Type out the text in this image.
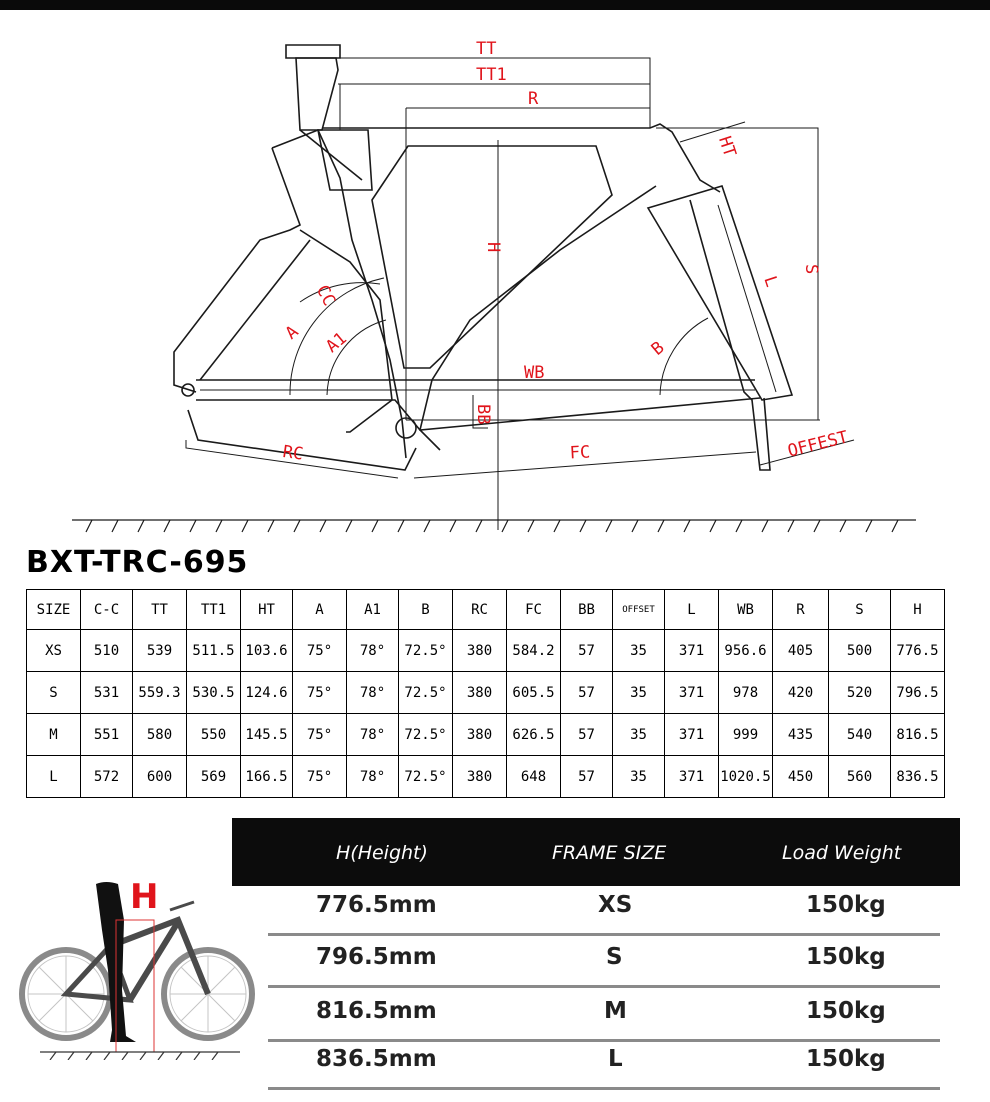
TT
TT1
R
HT
H
S
L
CC
A A1	B
WB
BB
RC	FC	OFFEST
BXT-TRC-695
SIZE	C-C	TT	TT1	HT	A	A1	B	RC	FC	BB	OFFSET	L	WB	R	S	H
XS	510	539	511.5	103.6	75°	78°	72.5°	380	584.2	57	35	371	956.6	405	500	776.5
S	531	559.3	530.5	124.6	75°	78°	72.5°	380	605.5	57	35	371	978	420	520	796.5
M	551	580	550	145.5	75°	78°	72.5°	380	626.5	57	35	371	999	435	540	816.5
L	572	600	569	166.5	75°	78°	72.5°	380	648	57	35	371	1020.5	450	560	836.5
H(Height)	FRAME SIZE	Load Weight
776.5mm	XS	150kg
796.5mm	S	150kg
816.5mm	M	150kg
836.5mm	L	150kg
H
